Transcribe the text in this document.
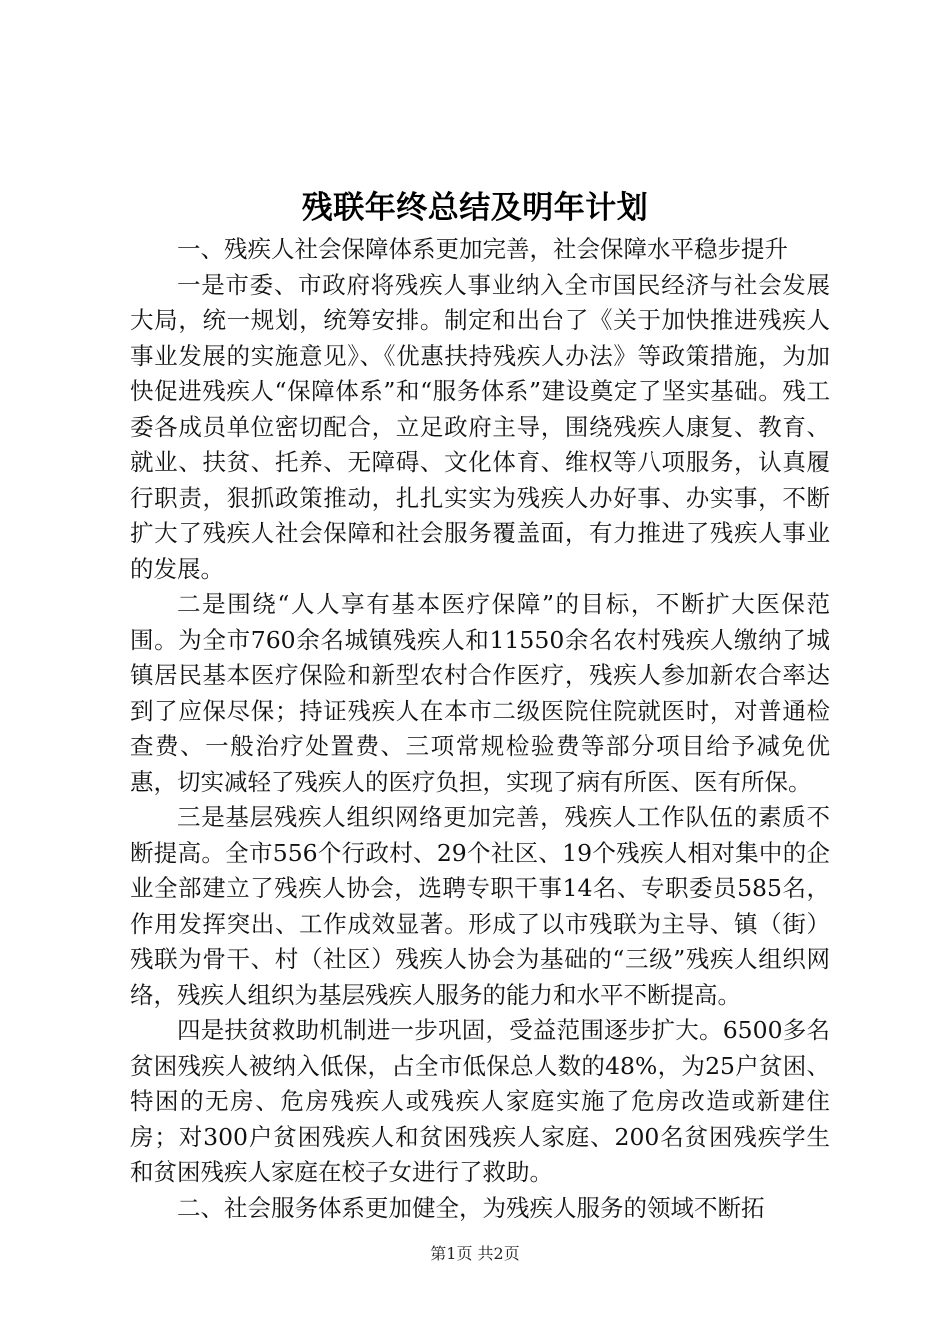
残联年终总结及明年计划

一、残疾人社会保障体系更加完善，社会保障水平稳步提升

一是市委、市政府将残疾人事业纳入全市国民经济与社会发展大局，统一规划，统筹安排。制定和出台了《关于加快推进残疾人事业发展的实施意见》、《优惠扶持残疾人办法》等政策措施，为加快促进残疾人“保障体系”和“服务体系”建设奠定了坚实基础。残工委各成员单位密切配合，立足政府主导，围绕残疾人康复、教育、就业、扶贫、托养、无障碍、文化体育、维权等八项服务，认真履行职责，狠抓政策推动，扎扎实实为残疾人办好事、办实事，不断扩大了残疾人社会保障和社会服务覆盖面，有力推进了残疾人事业的发展。

二是围绕“人人享有基本医疗保障”的目标，不断扩大医保范围。为全市760余名城镇残疾人和11550余名农村残疾人缴纳了城镇居民基本医疗保险和新型农村合作医疗，残疾人参加新农合率达到了应保尽保；持证残疾人在本市二级医院住院就医时，对普通检查费、一般治疗处置费、三项常规检验费等部分项目给予减免优惠，切实减轻了残疾人的医疗负担，实现了病有所医、医有所保。

三是基层残疾人组织网络更加完善，残疾人工作队伍的素质不断提高。全市556个行政村、29个社区、19个残疾人相对集中的企业全部建立了残疾人协会，选聘专职干事14名、专职委员585名，作用发挥突出、工作成效显著。形成了以市残联为主导、镇（街）残联为骨干、村（社区）残疾人协会为基础的“三级”残疾人组织网络，残疾人组织为基层残疾人服务的能力和水平不断提高。

四是扶贫救助机制进一步巩固，受益范围逐步扩大。6500多名贫困残疾人被纳入低保，占全市低保总人数的48%，为25户贫困、特困的无房、危房残疾人或残疾人家庭实施了危房改造或新建住房；对300户贫困残疾人和贫困残疾人家庭、200名贫困残疾学生和贫困残疾人家庭在校子女进行了救助。

二、社会服务体系更加健全，为残疾人服务的领域不断拓

第1页 共2页
